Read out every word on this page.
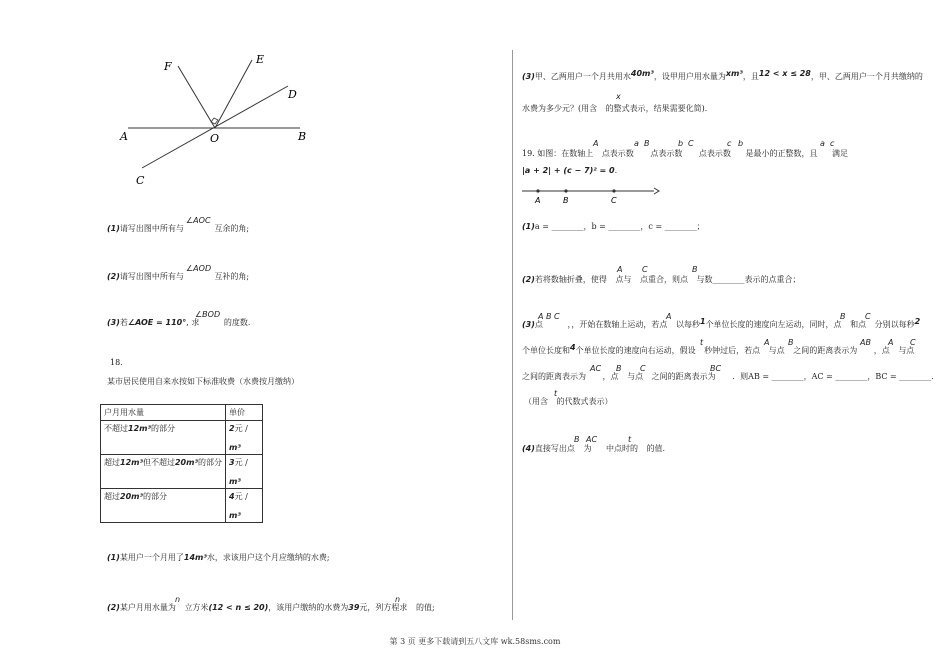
F
E
D
A	O	B
C
(1)请写出图中所有与
∠AOC
互余的角;
(2)请写出图中所有与
∠AOD
互补的角;
(3)若∠AOE = 110°, 求
∠BOD
的度数.
18.
某市居民使用自来水按如下标准收费（水费按月缴纳）
户月用水量	单价
不超过12m³的部分	2元 /

m³
超过12m³但不超过20m³的部分	3元 /

m³
超过20m³的部分	4元 /

m³
(1)某用户一个月用了14m³水，求该用户这个月应缴纳的水费;
(2)某户月用水量为
n
立方米(12 < n ≤ 20)，该用户缴纳的水费为39元，列方程求
n
的值;
(3)甲、乙两用户一个月共用水40m³，设甲用户用水量为xm³，且12 < x ≤ 28，甲、乙两用户一个月共缴纳的
水费为多少元？(用含
x
的整式表示，结果需要化简).
19. 如图：在数轴上
A
点表示数
a B
点表示数
b C
点表示数
c b
是最小的正整数，且
a c
满足
|a + 2| + (c − 7)² = 0.
A	B	C
(1)a = ________，b = ________，c = ________；
(2)若将数轴折叠，使得
A
点与
C
点重合，则点
B
与数________表示的点重合；
(3)点
A B C
，，开始在数轴上运动，若点
A
以每秒1个单位长度的速度向左运动，同时，点
B
和点
C
分别以每秒2
个单位长度和4个单位长度的速度向右运动，假设
t
秒钟过后，若点
A
与点
B
之间的距离表示为
AB
，点
A
与点
C
之间的距离表示为
AC
，点
B
与点
C
之间的距离表示为
BC
．则AB = ________，AC = ________，BC = ________．
（用含
t
的代数式表示）
(4)直接写出点
B
为
AC
中点时的
t
的值.
第 3 页 更多下载请到五八文库 wk.58sms.com
